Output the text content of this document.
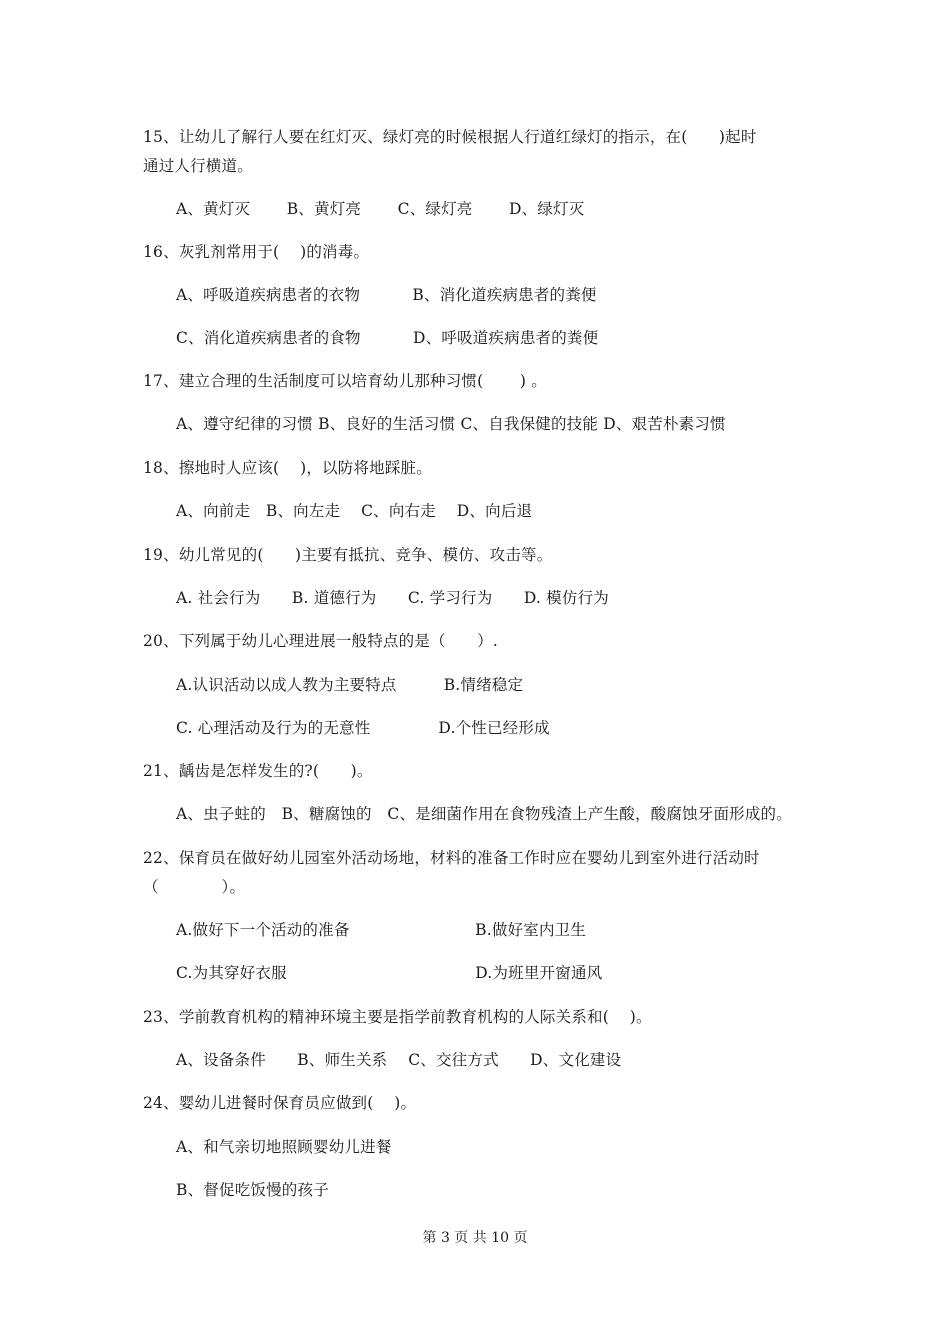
15、让幼儿了解行人要在红灯灭、绿灯亮的时候根据人行道红绿灯的指示，在(　　)起时
通过人行横道。
A、黄灯灭　　 B、黄灯亮　　 C、绿灯亮　　 D、绿灯灭
16、灰乳剂常用于(　 )的消毒。
A、呼吸道疾病患者的衣物　　　 B、消化道疾病患者的粪便
C、消化道疾病患者的食物　　　 D、呼吸道疾病患者的粪便
17、建立合理的生活制度可以培育幼儿那种习惯(　　 ) 。
A、遵守纪律的习惯 B、良好的生活习惯 C、自我保健的技能 D、艰苦朴素习惯
18、擦地时人应该(　 )，以防将地踩脏。
A、向前走　B、向左走　 C、向右走　 D、向后退
19、幼儿常见的(　　)主要有抵抗、竞争、模仿、攻击等。
A. 社会行为　　B. 道德行为　　C. 学习行为　　D. 模仿行为
20、下列属于幼儿心理进展一般特点的是（　　）.
A.认识活动以成人教为主要特点　　　B.情绪稳定
C. 心理活动及行为的无意性　　　　 D.个性已经形成
21、龋齿是怎样发生的?(　　)。
A、虫子蛀的　B、糖腐蚀的　C、是细菌作用在食物残渣上产生酸，酸腐蚀牙面形成的。
22、保育员在做好幼儿园室外活动场地，材料的准备工作时应在婴幼儿到室外进行活动时
（　　　　）。
A.做好下一个活动的准备　　　　　　　　B.做好室内卫生
C.为其穿好衣服　　　　　　　　　　　　D.为班里开窗通风
23、学前教育机构的精神环境主要是指学前教育机构的人际关系和(　 )。
A、设备条件　　B、师生关系　 C、交往方式　　D、文化建设
24、婴幼儿进餐时保育员应做到(　 )。
A、和气亲切地照顾婴幼儿进餐
B、督促吃饭慢的孩子
第 3 页 共 10 页
